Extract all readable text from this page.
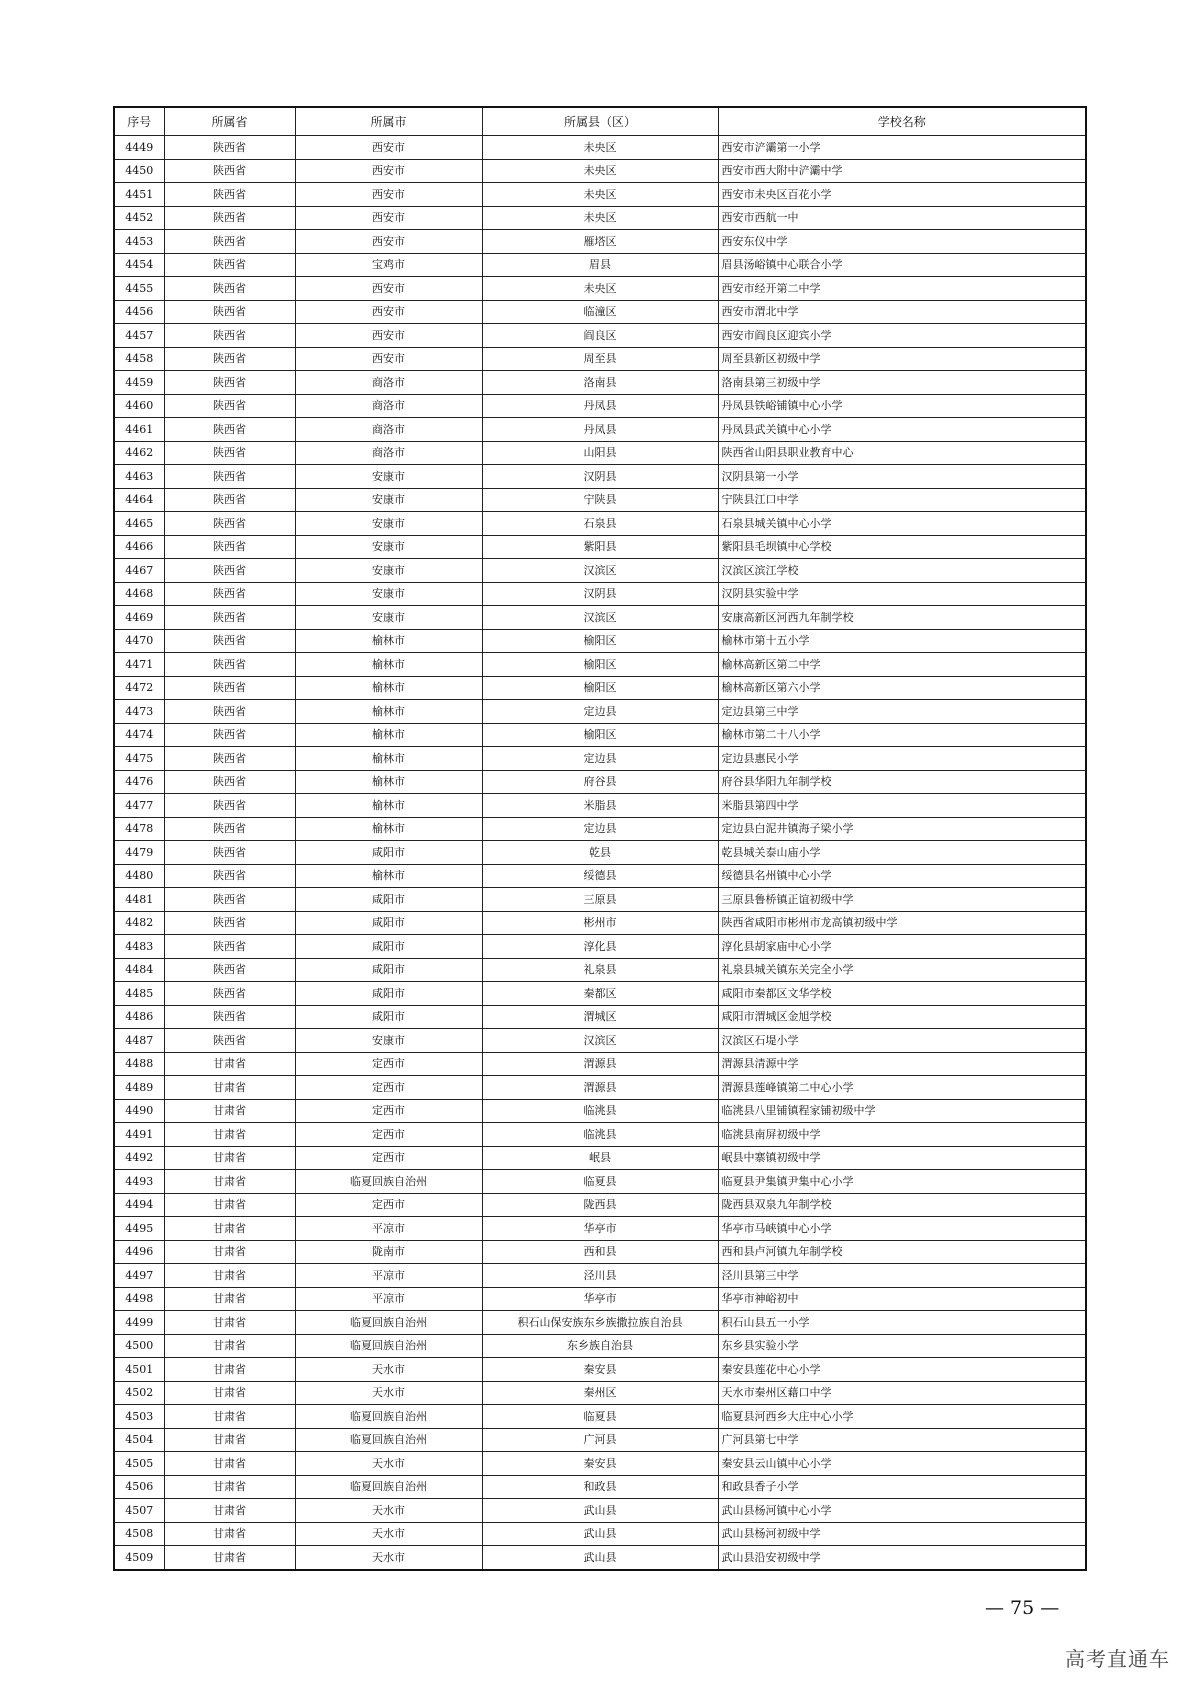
序号	所属省	所属市	所属县（区）	学校名称
4449	陕西省	西安市	未央区	西安市浐灞第一小学
4450	陕西省	西安市	未央区	西安市西大附中浐灞中学
4451	陕西省	西安市	未央区	西安市未央区百花小学
4452	陕西省	西安市	未央区	西安市西航一中
4453	陕西省	西安市	雁塔区	西安东仪中学
4454	陕西省	宝鸡市	眉县	眉县汤峪镇中心联合小学
4455	陕西省	西安市	未央区	西安市经开第二中学
4456	陕西省	西安市	临潼区	西安市渭北中学
4457	陕西省	西安市	阎良区	西安市阎良区迎宾小学
4458	陕西省	西安市	周至县	周至县新区初级中学
4459	陕西省	商洛市	洛南县	洛南县第三初级中学
4460	陕西省	商洛市	丹凤县	丹凤县铁峪铺镇中心小学
4461	陕西省	商洛市	丹凤县	丹凤县武关镇中心小学
4462	陕西省	商洛市	山阳县	陕西省山阳县职业教育中心
4463	陕西省	安康市	汉阴县	汉阴县第一小学
4464	陕西省	安康市	宁陕县	宁陕县江口中学
4465	陕西省	安康市	石泉县	石泉县城关镇中心小学
4466	陕西省	安康市	紫阳县	紫阳县毛坝镇中心学校
4467	陕西省	安康市	汉滨区	汉滨区滨江学校
4468	陕西省	安康市	汉阴县	汉阴县实验中学
4469	陕西省	安康市	汉滨区	安康高新区河西九年制学校
4470	陕西省	榆林市	榆阳区	榆林市第十五小学
4471	陕西省	榆林市	榆阳区	榆林高新区第二中学
4472	陕西省	榆林市	榆阳区	榆林高新区第六小学
4473	陕西省	榆林市	定边县	定边县第三中学
4474	陕西省	榆林市	榆阳区	榆林市第二十八小学
4475	陕西省	榆林市	定边县	定边县惠民小学
4476	陕西省	榆林市	府谷县	府谷县华阳九年制学校
4477	陕西省	榆林市	米脂县	米脂县第四中学
4478	陕西省	榆林市	定边县	定边县白泥井镇海子梁小学
4479	陕西省	咸阳市	乾县	乾县城关泰山庙小学
4480	陕西省	榆林市	绥德县	绥德县名州镇中心小学
4481	陕西省	咸阳市	三原县	三原县鲁桥镇正谊初级中学
4482	陕西省	咸阳市	彬州市	陕西省咸阳市彬州市龙高镇初级中学
4483	陕西省	咸阳市	淳化县	淳化县胡家庙中心小学
4484	陕西省	咸阳市	礼泉县	礼泉县城关镇东关完全小学
4485	陕西省	咸阳市	秦都区	咸阳市秦都区文华学校
4486	陕西省	咸阳市	渭城区	咸阳市渭城区金旭学校
4487	陕西省	安康市	汉滨区	汉滨区石堤小学
4488	甘肃省	定西市	渭源县	渭源县清源中学
4489	甘肃省	定西市	渭源县	渭源县莲峰镇第二中心小学
4490	甘肃省	定西市	临洮县	临洮县八里铺镇程家铺初级中学
4491	甘肃省	定西市	临洮县	临洮县南屏初级中学
4492	甘肃省	定西市	岷县	岷县中寨镇初级中学
4493	甘肃省	临夏回族自治州	临夏县	临夏县尹集镇尹集中心小学
4494	甘肃省	定西市	陇西县	陇西县双泉九年制学校
4495	甘肃省	平凉市	华亭市	华亭市马峡镇中心小学
4496	甘肃省	陇南市	西和县	西和县卢河镇九年制学校
4497	甘肃省	平凉市	泾川县	泾川县第三中学
4498	甘肃省	平凉市	华亭市	华亭市神峪初中
4499	甘肃省	临夏回族自治州	积石山保安族东乡族撒拉族自治县	积石山县五一小学
4500	甘肃省	临夏回族自治州	东乡族自治县	东乡县实验小学
4501	甘肃省	天水市	秦安县	秦安县莲花中心小学
4502	甘肃省	天水市	秦州区	天水市秦州区藉口中学
4503	甘肃省	临夏回族自治州	临夏县	临夏县河西乡大庄中心小学
4504	甘肃省	临夏回族自治州	广河县	广河县第七中学
4505	甘肃省	天水市	秦安县	秦安县云山镇中心小学
4506	甘肃省	临夏回族自治州	和政县	和政县香子小学
4507	甘肃省	天水市	武山县	武山县杨河镇中心小学
4508	甘肃省	天水市	武山县	武山县杨河初级中学
4509	甘肃省	天水市	武山县	武山县沿安初级中学
— 75 —
高考直通车
